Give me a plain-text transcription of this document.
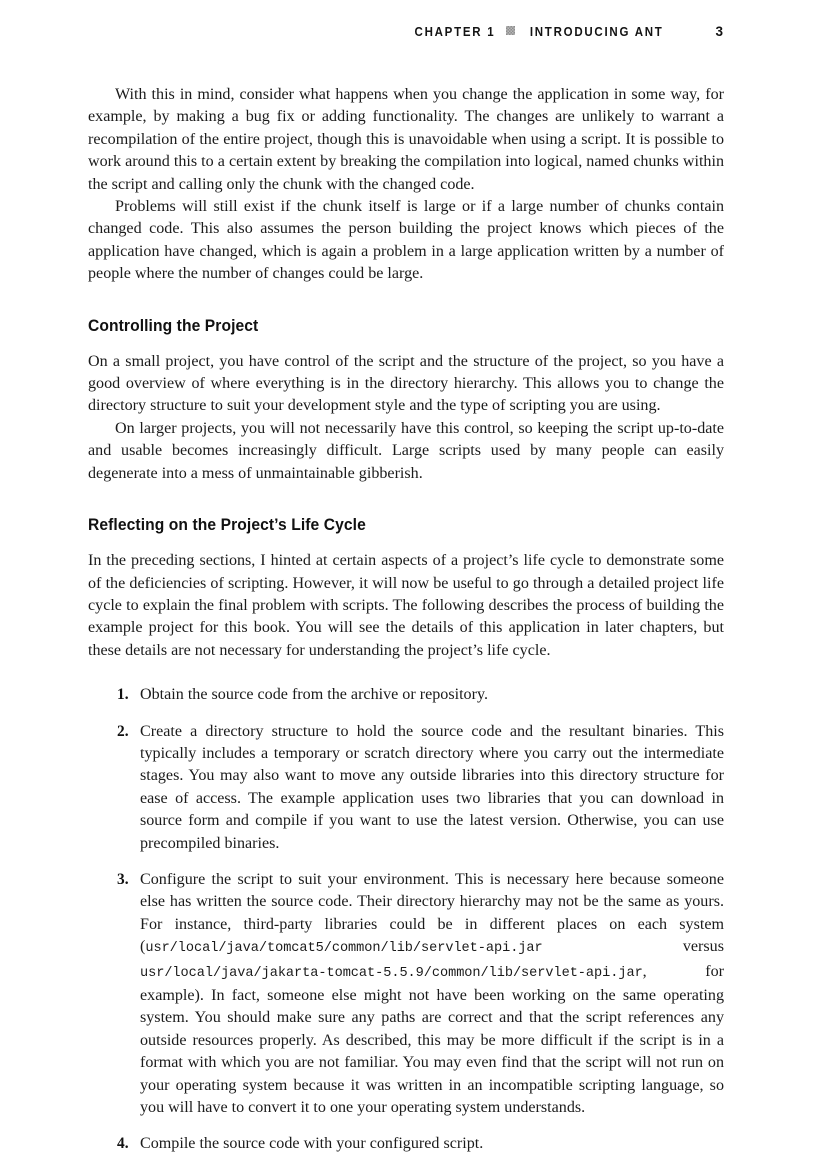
CHAPTER 1	INTRODUCING ANT	3

With this in mind, consider what happens when you change the application in some way, for example, by making a bug fix or adding functionality. The changes are unlikely to warrant a recompilation of the entire project, though this is unavoidable when using a script. It is possible to work around this to a certain extent by breaking the compilation into logical, named chunks within the script and calling only the chunk with the changed code.

Problems will still exist if the chunk itself is large or if a large number of chunks contain changed code. This also assumes the person building the project knows which pieces of the application have changed, which is again a problem in a large application written by a number of people where the number of changes could be large.

Controlling the Project

On a small project, you have control of the script and the structure of the project, so you have a good overview of where everything is in the directory hierarchy. This allows you to change the directory structure to suit your development style and the type of scripting you are using.

On larger projects, you will not necessarily have this control, so keeping the script up-to-date and usable becomes increasingly difficult. Large scripts used by many people can easily degenerate into a mess of unmaintainable gibberish.

Reflecting on the Project’s Life Cycle

In the preceding sections, I hinted at certain aspects of a project’s life cycle to demonstrate some of the deficiencies of scripting. However, it will now be useful to go through a detailed project life cycle to explain the final problem with scripts. The following describes the process of building the example project for this book. You will see the details of this application in later chapters, but these details are not necessary for understanding the project’s life cycle.

1. Obtain the source code from the archive or repository.
2. Create a directory structure to hold the source code and the resultant binaries. This typically includes a temporary or scratch directory where you carry out the intermediate stages. You may also want to move any outside libraries into this directory structure for ease of access. The example application uses two libraries that you can download in source form and compile if you want to use the latest version. Otherwise, you can use precompiled binaries.
3. Configure the script to suit your environment. This is necessary here because someone else has written the source code. Their directory hierarchy may not be the same as yours. For instance, third-party libraries could be in different places on each system (usr/local/java/tomcat5/common/lib/servlet-api.jar versus usr/local/java/jakarta-tomcat-5.5.9/common/lib/servlet-api.jar, for example). In fact, someone else might not have been working on the same operating system. You should make sure any paths are correct and that the script references any outside resources properly. As described, this may be more difficult if the script is in a format with which you are not familiar. You may even find that the script will not run on your operating system because it was written in an incompatible scripting language, so you will have to convert it to one your operating system understands.
4. Compile the source code with your configured script.
